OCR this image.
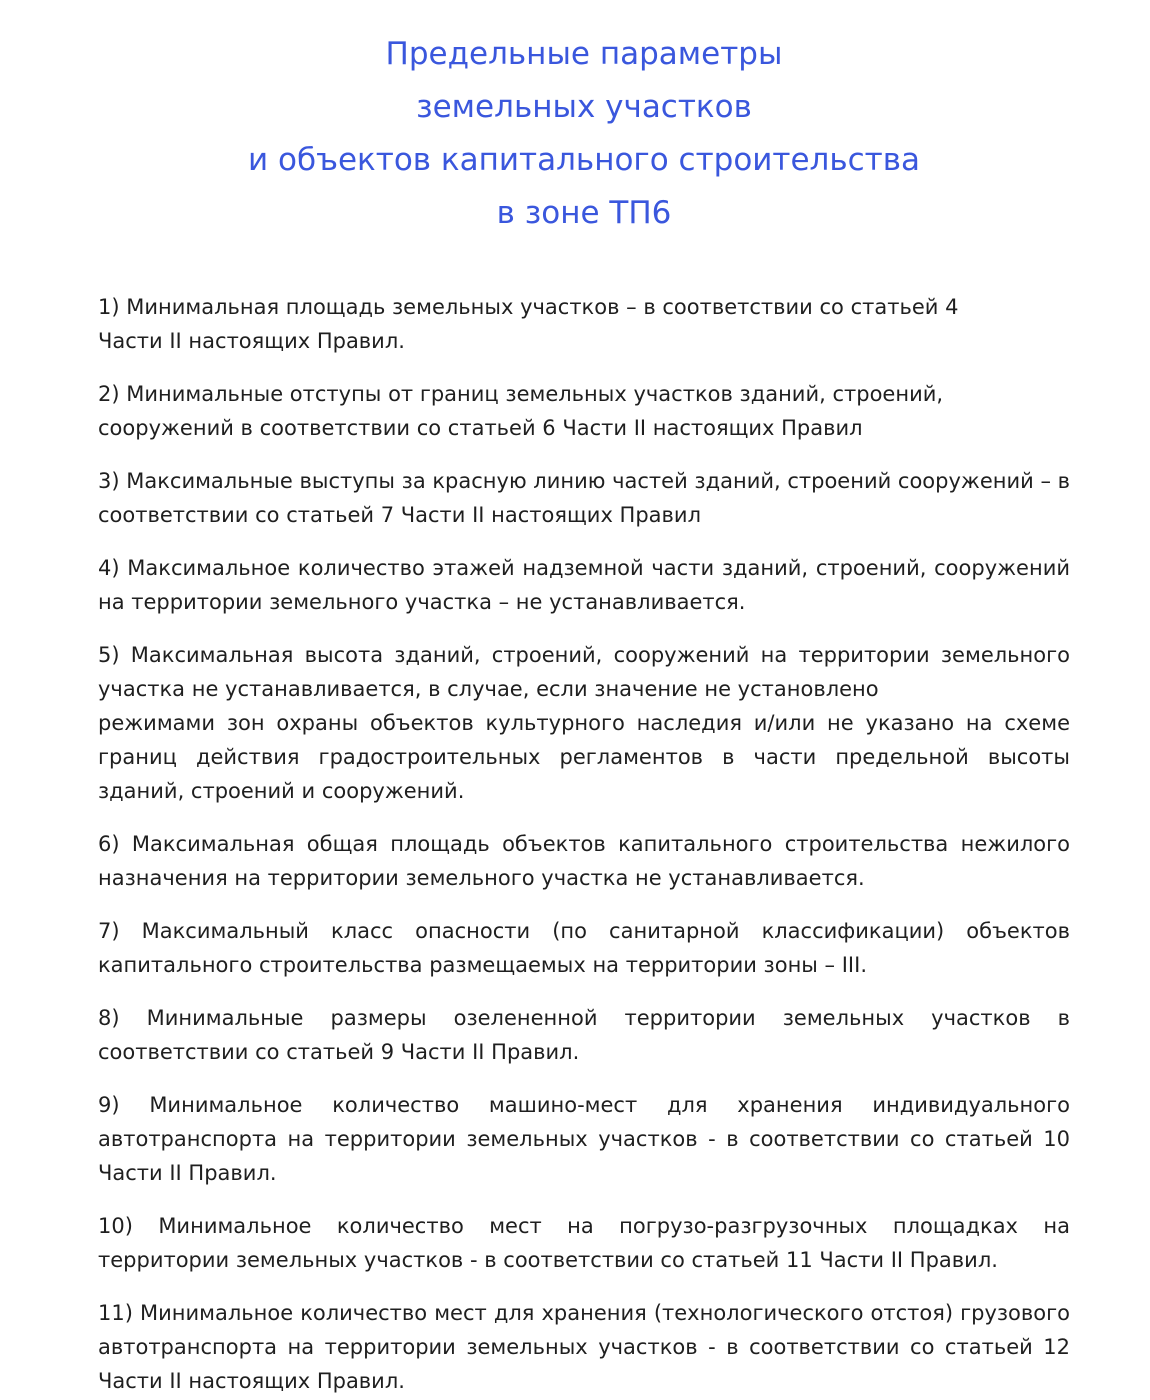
Предельные параметры
земельных участков
и объектов капитального строительства
в зоне ТП6

1) Минимальная площадь земельных участков – в соответствии со статьей 4
Части II настоящих Правил.

2) Минимальные отступы от границ земельных участков зданий, строений,
сооружений в соответствии со статьей 6 Части II настоящих Правил

3) Максимальные выступы за красную линию частей зданий, строений сооружений – в соответствии со статьей 7 Части II настоящих Правил

4) Максимальное количество этажей надземной части зданий, строений, сооружений на территории земельного участка – не устанавливается.

5) Максимальная высота зданий, строений, сооружений на территории земельного участка не устанавливается, в случае, если значение не установлено
режимами зон охраны объектов культурного наследия и/или не указано на схеме границ действия градостроительных регламентов в части предельной высоты зданий, строений и сооружений.

6) Максимальная общая площадь объектов капитального строительства нежилого назначения на территории земельного участка не устанавливается.

7) Максимальный класс опасности (по санитарной классификации) объектов капитального строительства размещаемых на территории зоны – III.

8) Минимальные размеры озелененной территории земельных участков в соответствии со статьей 9 Части II Правил.

9) Минимальное количество машино-мест для хранения индивидуального автотранспорта на территории земельных участков - в соответствии со статьей 10 Части II Правил.

10) Минимальное количество мест на погрузо-разгрузочных площадках на территории земельных участков - в соответствии со статьей 11 Части II Правил.

11) Минимальное количество мест для хранения (технологического отстоя) грузового автотранспорта на территории земельных участков - в соответствии со статьей 12 Части II настоящих Правил.
